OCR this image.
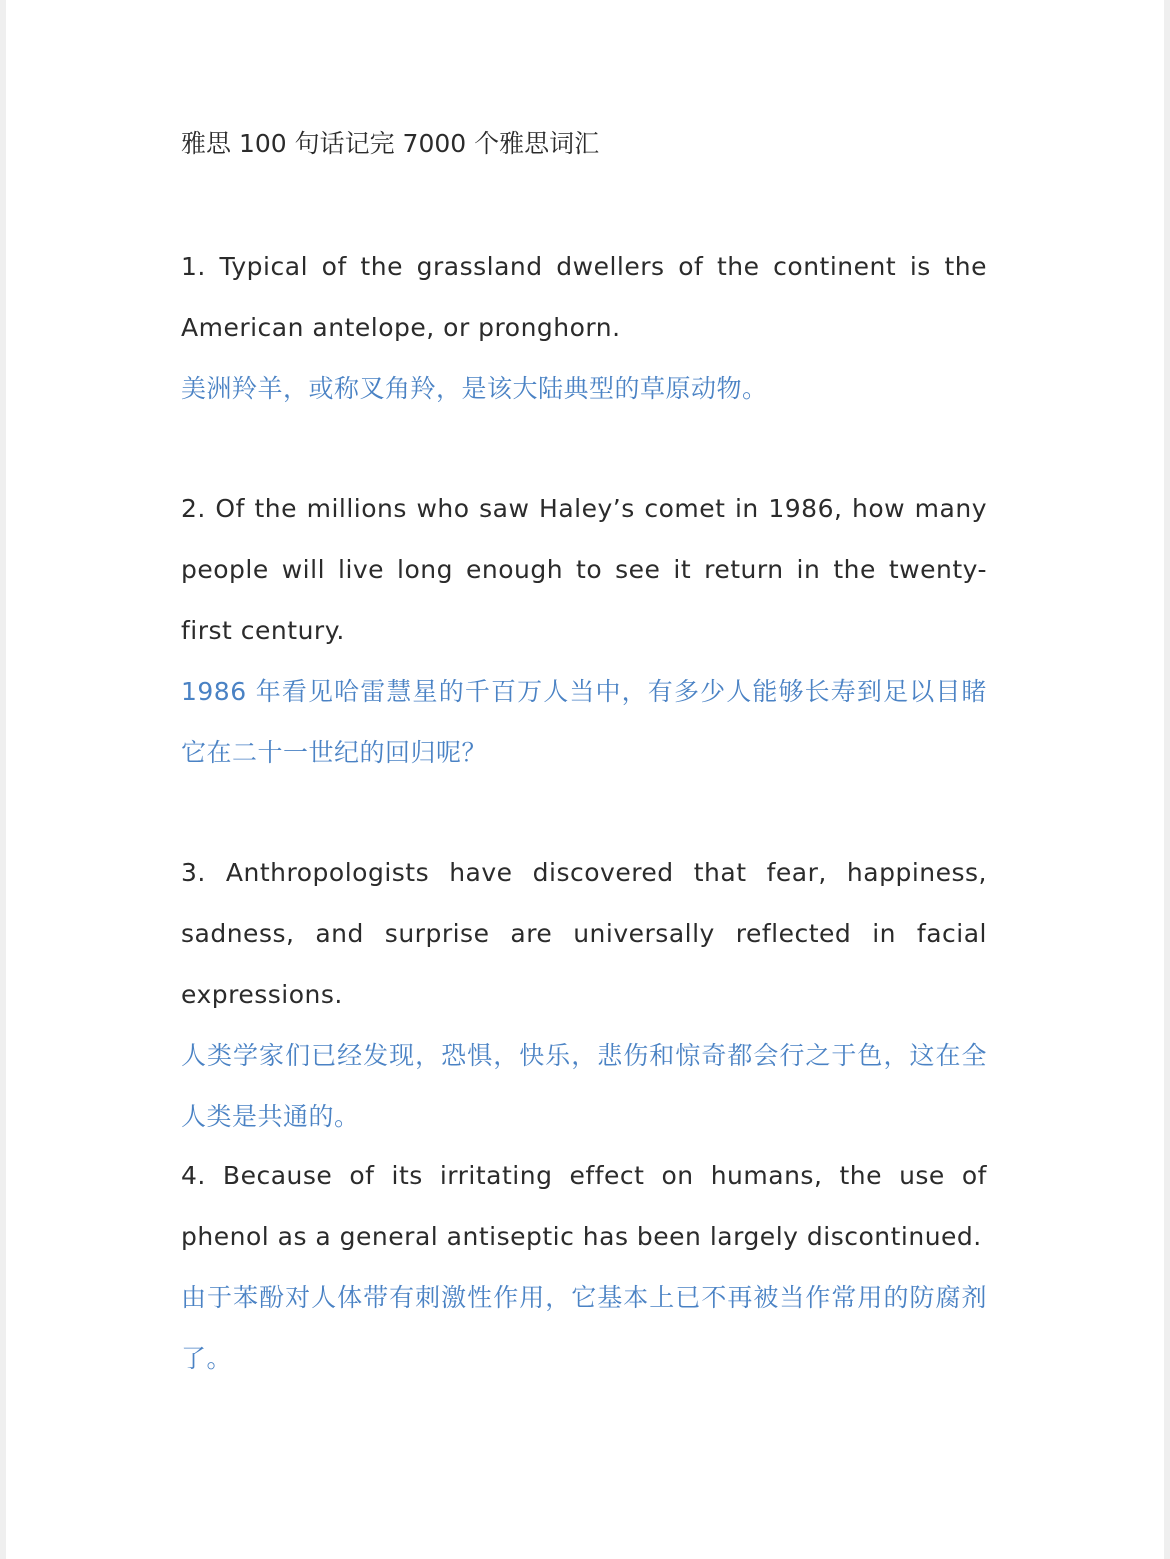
雅思 100 句话记完 7000 个雅思词汇

1. Typical of the grassland dwellers of the continent is the American antelope, or pronghorn.

美洲羚羊，或称叉角羚，是该大陆典型的草原动物。

2. Of the millions who saw Haley’s comet in 1986, how many people will live long enough to see it return in the twenty-first century.

1986 年看见哈雷慧星的千百万人当中，有多少人能够长寿到足以目睹它在二十一世纪的回归呢？

3. Anthropologists have discovered that fear, happiness, sadness, and surprise are universally reflected in facial expressions.

人类学家们已经发现，恐惧，快乐，悲伤和惊奇都会行之于色，这在全人类是共通的。

4. Because of its irritating effect on humans, the use of phenol as a general antiseptic has been largely discontinued.

由于苯酚对人体带有刺激性作用，它基本上已不再被当作常用的防腐剂了。
